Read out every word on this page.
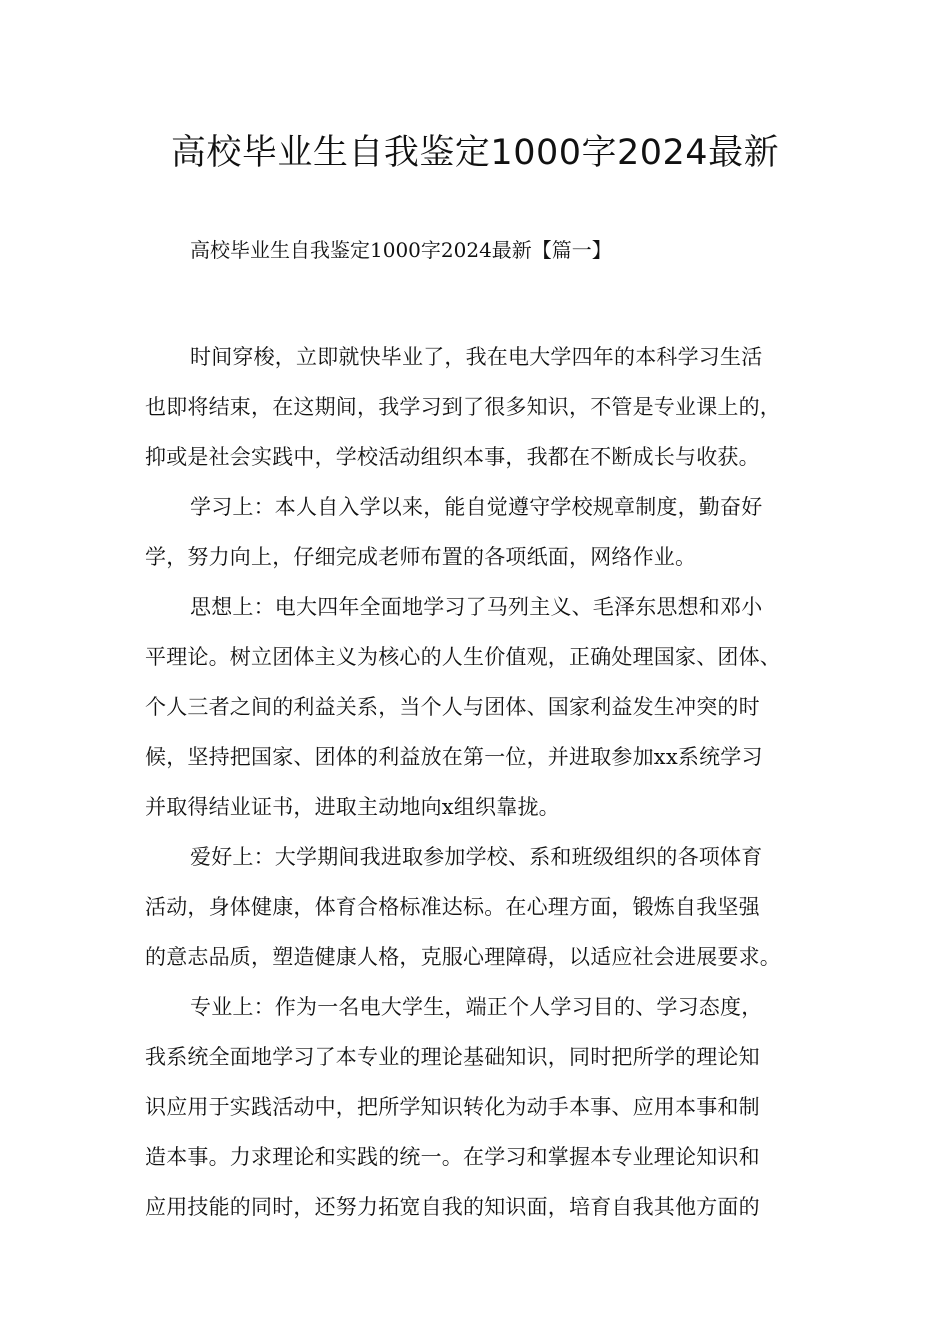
高校毕业生自我鉴定1000字2024最新

高校毕业生自我鉴定1000字2024最新【篇一】

时间穿梭，立即就快毕业了，我在电大学四年的本科学习生活
也即将结束，在这期间，我学习到了很多知识，不管是专业课上的，
抑或是社会实践中，学校活动组织本事，我都在不断成长与收获。
学习上：本人自入学以来，能自觉遵守学校规章制度，勤奋好
学，努力向上，仔细完成老师布置的各项纸面，网络作业。
思想上：电大四年全面地学习了马列主义、毛泽东思想和邓小
平理论。树立团体主义为核心的人生价值观，正确处理国家、团体、
个人三者之间的利益关系，当个人与团体、国家利益发生冲突的时
候，坚持把国家、团体的利益放在第一位，并进取参加xx系统学习
并取得结业证书，进取主动地向x组织靠拢。
爱好上：大学期间我进取参加学校、系和班级组织的各项体育
活动，身体健康，体育合格标准达标。在心理方面，锻炼自我坚强
的意志品质，塑造健康人格，克服心理障碍，以适应社会进展要求。
专业上：作为一名电大学生，端正个人学习目的、学习态度，
我系统全面地学习了本专业的理论基础知识，同时把所学的理论知
识应用于实践活动中，把所学知识转化为动手本事、应用本事和制
造本事。力求理论和实践的统一。在学习和掌握本专业理论知识和
应用技能的同时，还努力拓宽自我的知识面，培育自我其他方面的
